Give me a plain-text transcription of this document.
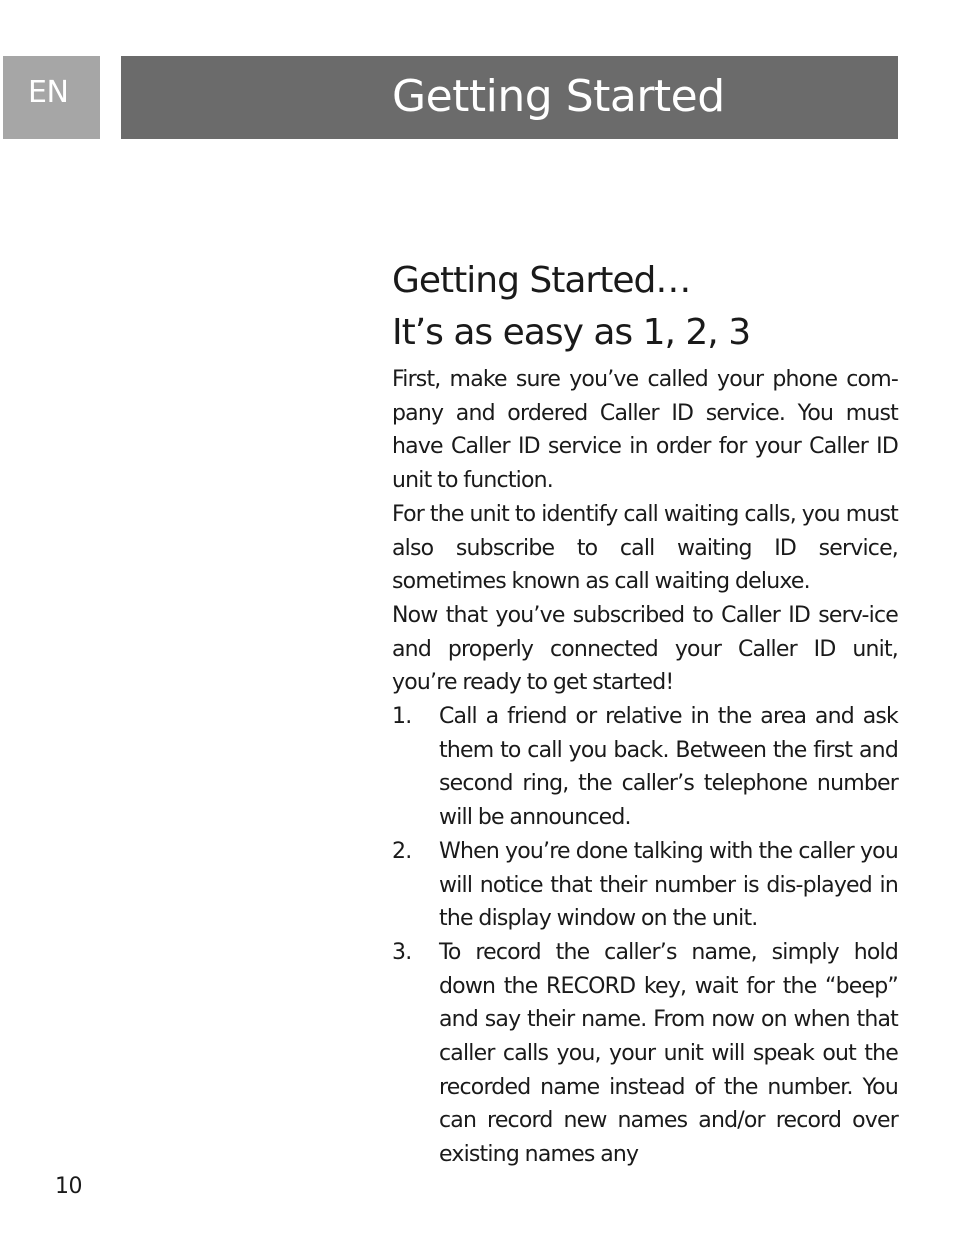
EN	Getting Started
Getting Started…
It’s as easy as 1, 2, 3

First, make sure you’ve called your phone com-pany and ordered Caller ID service. You must have Caller ID service in order for your Caller ID unit to function.

For the unit to identify call waiting calls, you must also subscribe to call waiting ID service, sometimes known as call waiting deluxe.

Now that you’ve subscribed to Caller ID serv-ice and properly connected your Caller ID unit, you’re ready to get started!

1. Call a friend or relative in the area and ask them to call you back. Between the first and second ring, the caller’s telephone number will be announced.
2. When you’re done talking with the caller you will notice that their number is dis-played in the display window on the unit.
3. To record the caller’s name, simply hold down the RECORD key, wait for the “beep” and say their name. From now on when that caller calls you, your unit will speak out the recorded name instead of the number. You can record new names and/or record over existing names any
10
